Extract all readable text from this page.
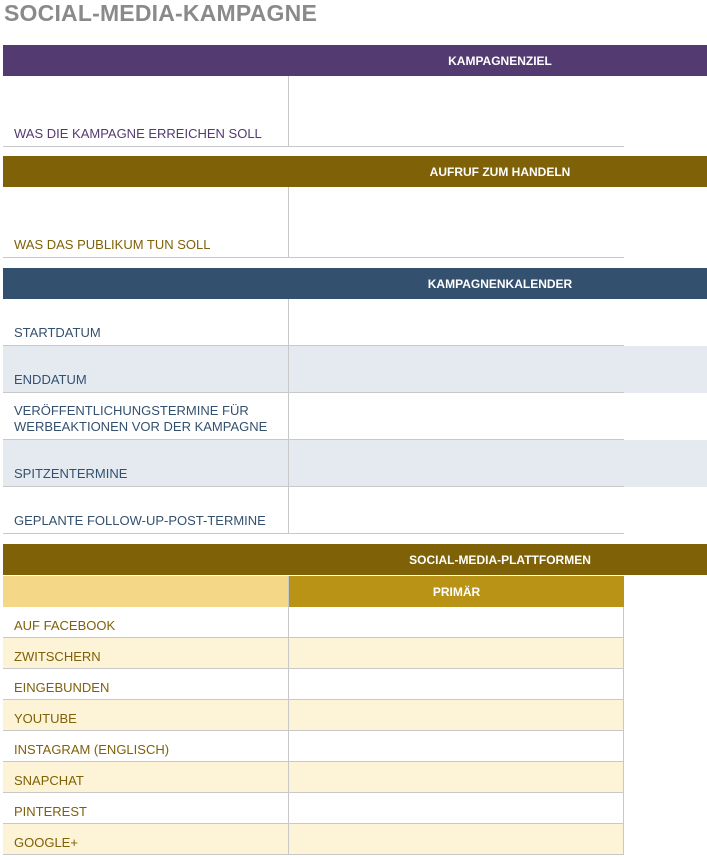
SOCIAL-MEDIA-KAMPAGNE
KAMPAGNENZIEL
WAS DIE KAMPAGNE ERREICHEN SOLL
AUFRUF ZUM HANDELN
WAS DAS PUBLIKUM TUN SOLL
KAMPAGNENKALENDER
STARTDATUM
ENDDATUM
VERÖFFENTLICHUNGSTERMINE FÜR
WERBEAKTIONEN VOR DER KAMPAGNE
SPITZENTERMINE
GEPLANTE FOLLOW-UP-POST-TERMINE
SOCIAL-MEDIA-PLATTFORMEN
PRIMÄR
AUF FACEBOOK
ZWITSCHERN
EINGEBUNDEN
YOUTUBE
INSTAGRAM (ENGLISCH)
SNAPCHAT
PINTEREST
GOOGLE+
